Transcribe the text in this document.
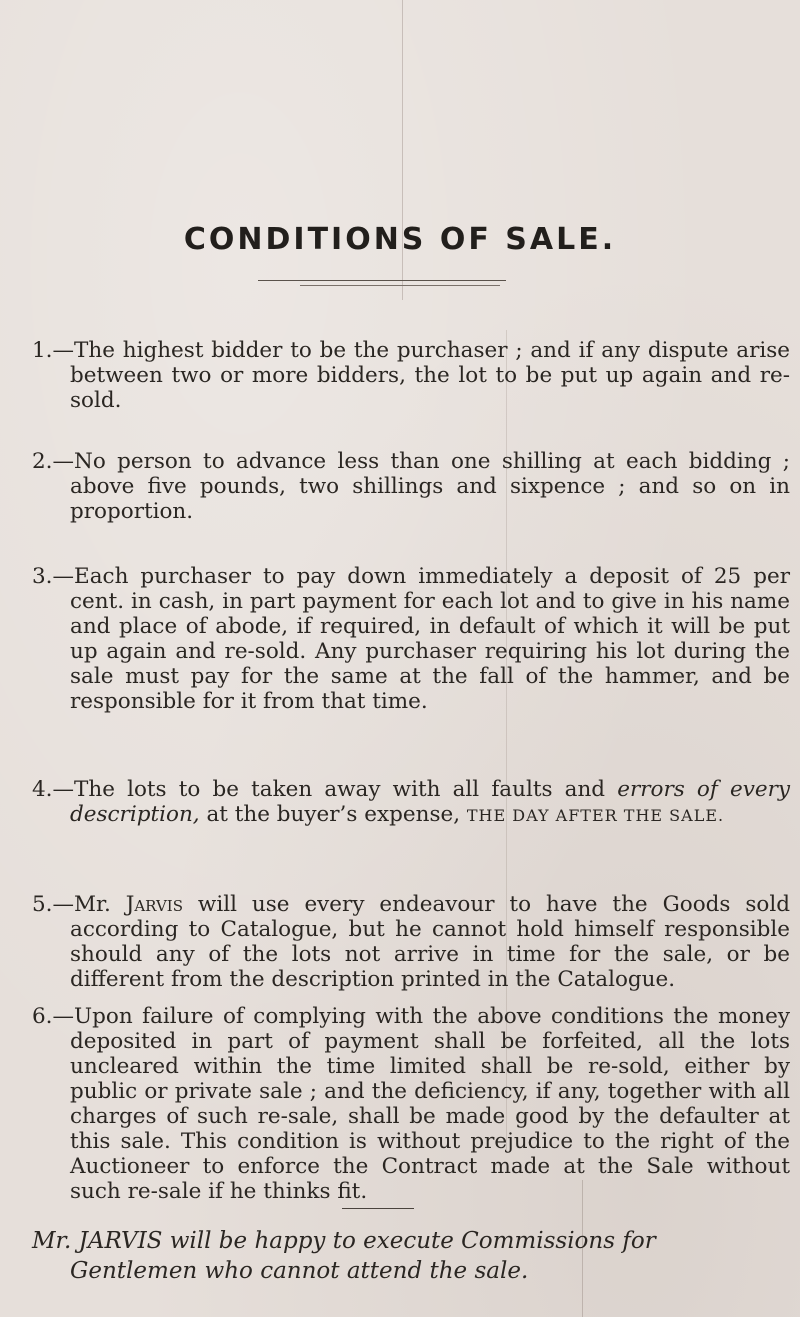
CONDITIONS OF SALE.

1.—The highest bidder to be the purchaser ; and if any dispute arise between two or more bidders, the lot to be put up again and re-sold.

2.—No person to advance less than one shilling at each bidding ; above five pounds, two shillings and sixpence ; and so on in proportion.

3.—Each purchaser to pay down immediately a deposit of 25 per cent. in cash, in part payment for each lot and to give in his name and place of abode, if required, in default of which it will be put up again and re-sold. Any purchaser requiring his lot during the sale must pay for the same at the fall of the hammer, and be responsible for it from that time.

4.—The lots to be taken away with all faults and errors of every description, at the buyer’s expense, THE DAY AFTER THE SALE.

5.—Mr. Jarvis will use every endeavour to have the Goods sold according to Catalogue, but he cannot hold himself responsible should any of the lots not arrive in time for the sale, or be different from the description printed in the Catalogue.

6.—Upon failure of complying with the above conditions the money deposited in part of payment shall be forfeited, all the lots uncleared within the time limited shall be re-sold, either by public or private sale ; and the deficiency, if any, together with all charges of such re-sale, shall be made good by the defaulter at this sale. This condition is without prejudice to the right of the Auctioneer to enforce the Contract made at the Sale without such re-sale if he thinks fit.

Mr. JARVIS will be happy to execute Commissions for
Gentlemen who cannot attend the sale.
